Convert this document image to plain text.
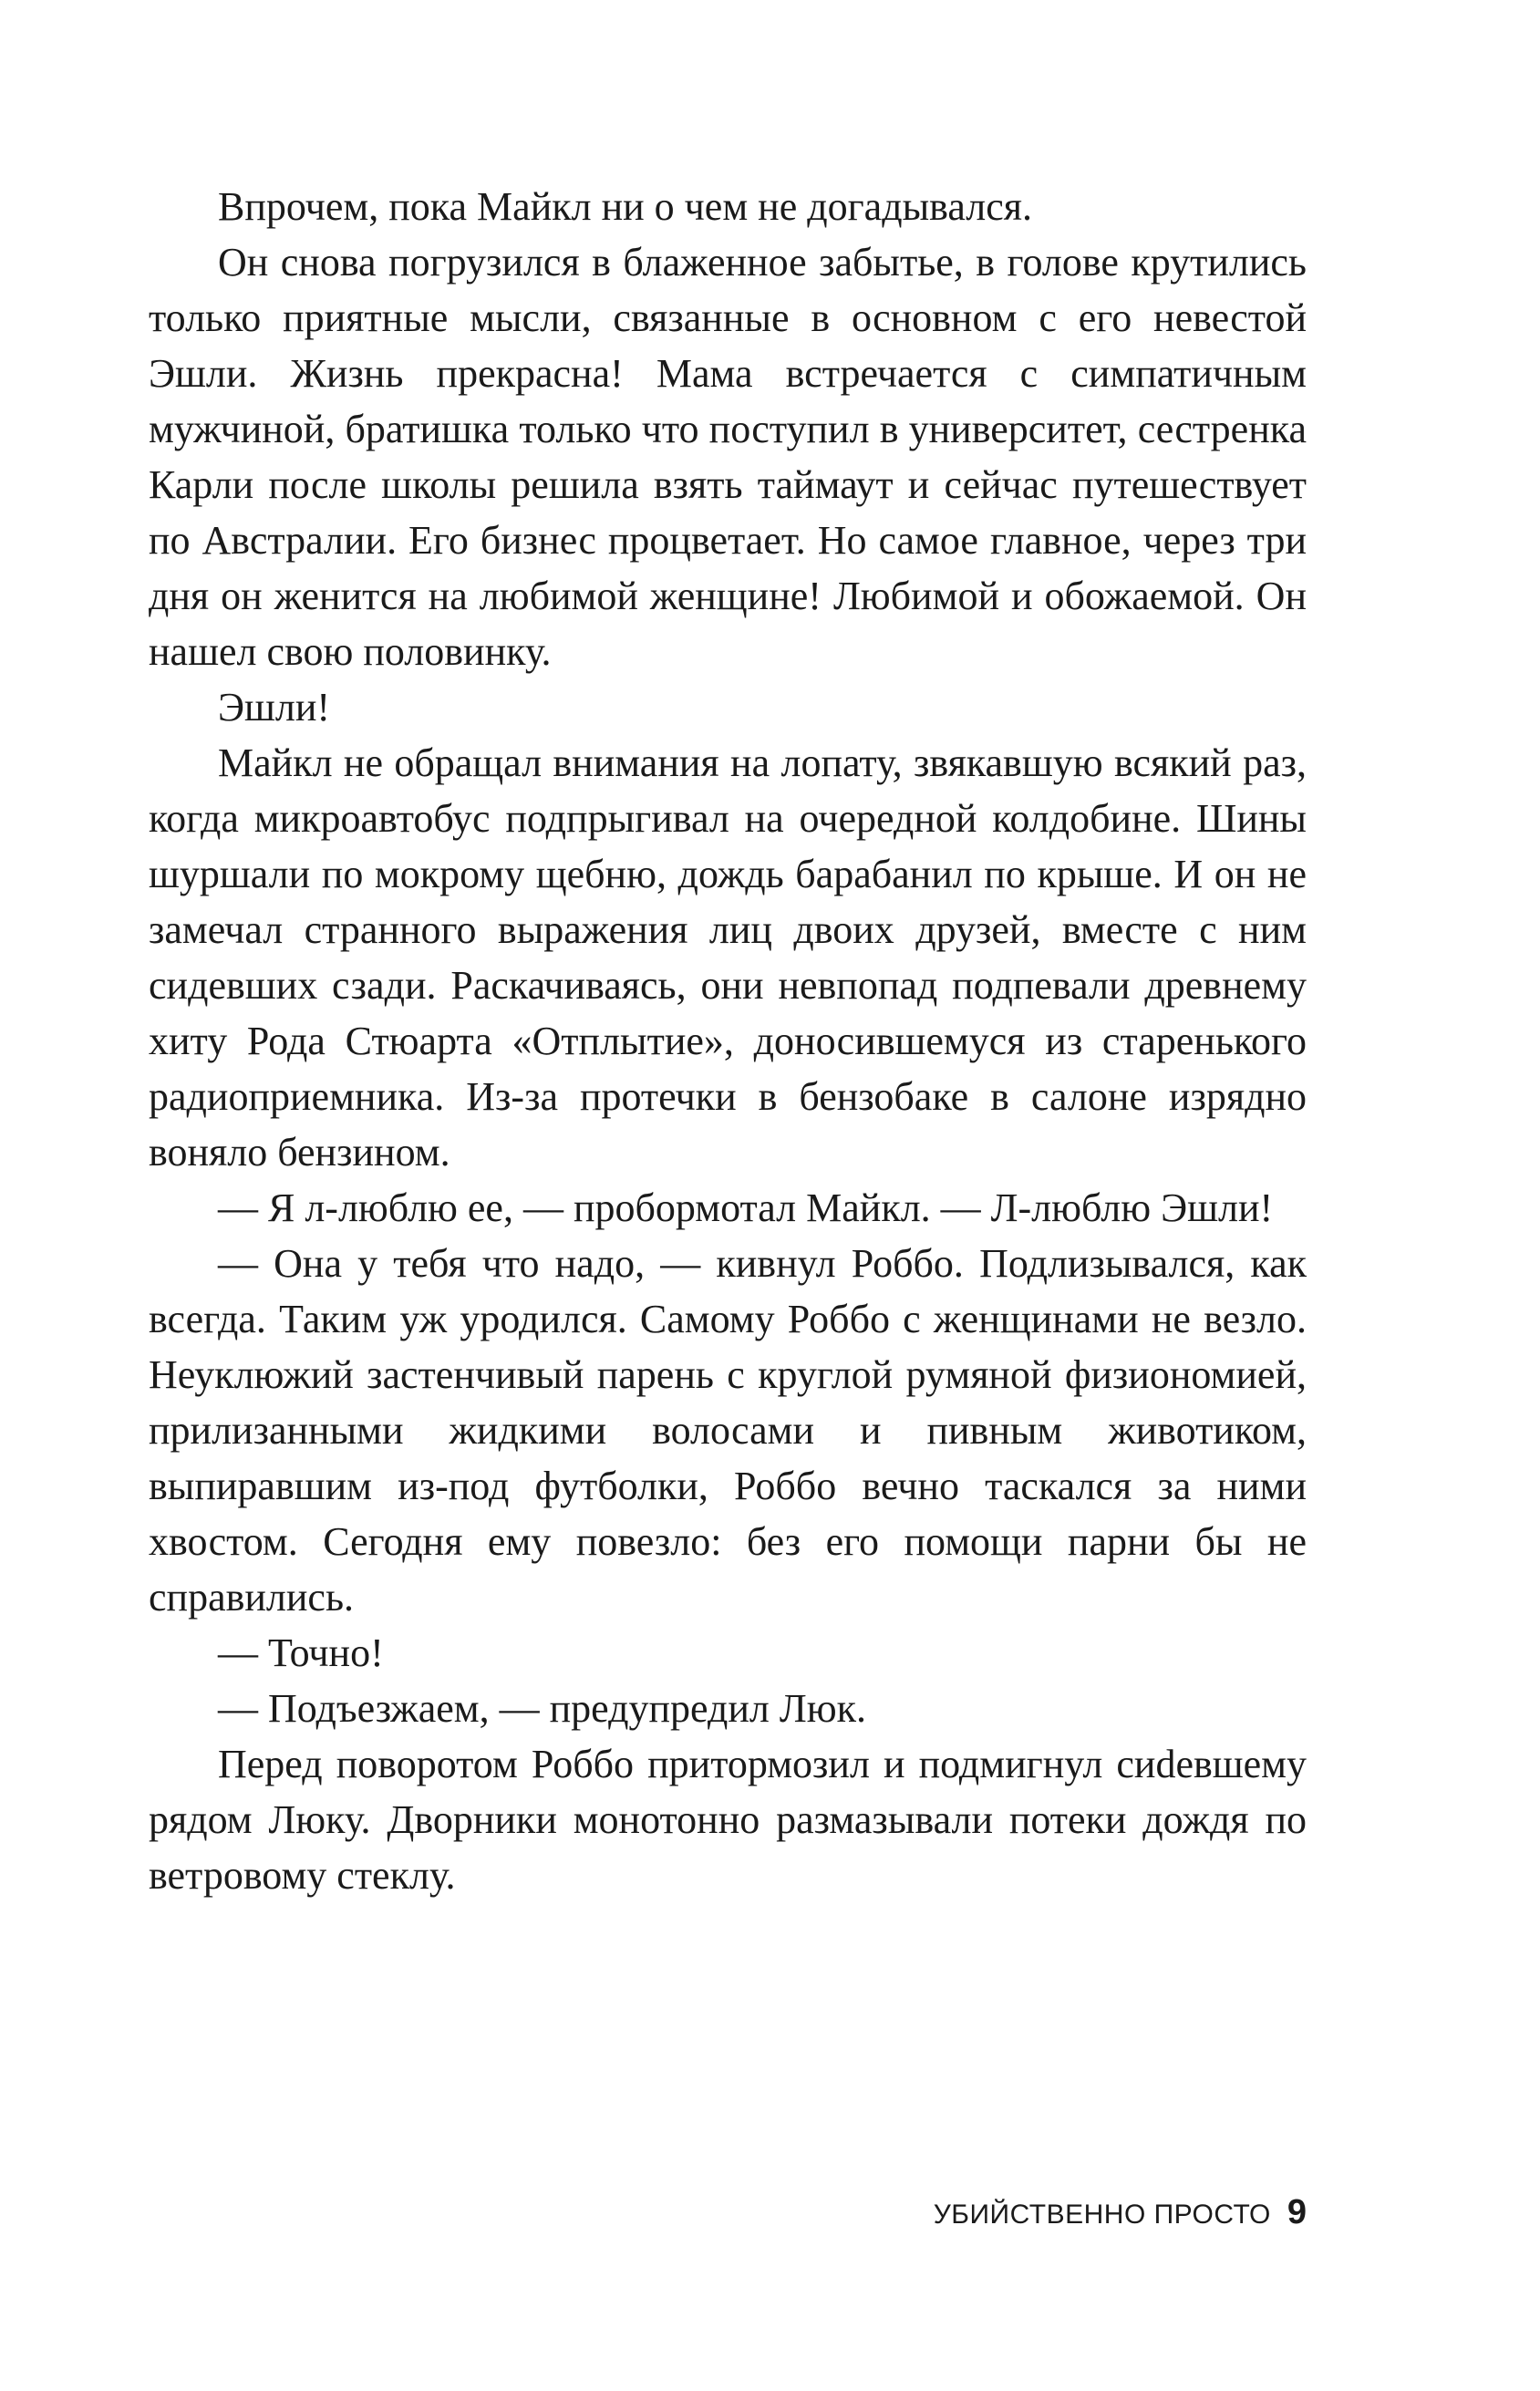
Впрочем, пока Майкл ни о чем не догадывался.

Он снова погрузился в блаженное забытье, в голове крутились только приятные мысли, связанные в основном с его невестой Эшли. Жизнь прекрасна! Мама встречается с симпатичным мужчиной, братишка только что поступил в университет, сестренка Карли после школы решила взять таймаут и сейчас путешествует по Австралии. Его бизнес процветает. Но самое главное, через три дня он женится на любимой женщине! Любимой и обожаемой. Он нашел свою половинку.

Эшли!

Майкл не обращал внимания на лопату, звякавшую всякий раз, когда микроавтобус подпрыгивал на очередной колдобине. Шины шуршали по мокрому щебню, дождь барабанил по крыше. И он не замечал странного выражения лиц двоих друзей, вместе с ним сидевших сзади. Раскачиваясь, они невпопад подпевали древнему хиту Рода Стюарта «Отплытие», доносившемуся из старенького радиоприемника. Из-за протечки в бензобаке в салоне изрядно воняло бензином.

— Я л-люблю ее, — пробормотал Майкл. — Л-люблю Эшли!

— Она у тебя что надо, — кивнул Роббо. Подлизывался, как всегда. Таким уж уродился. Самому Роббо с женщинами не везло. Неуклюжий застенчивый парень с круглой румяной физиономией, прилизанными жидкими волосами и пивным животиком, выпиравшим из-под футболки, Роббо вечно таскался за ними хвостом. Сегодня ему повезло: без его помощи парни бы не справились.

— Точно!

— Подъезжаем, — предупредил Люк.

Перед поворотом Роббо притормозил и подмигнул сиdевшему рядом Люку. Дворники монотонно размазывали потеки дождя по ветровому стеклу.

УБИЙСТВЕННО ПРОСТО 9
